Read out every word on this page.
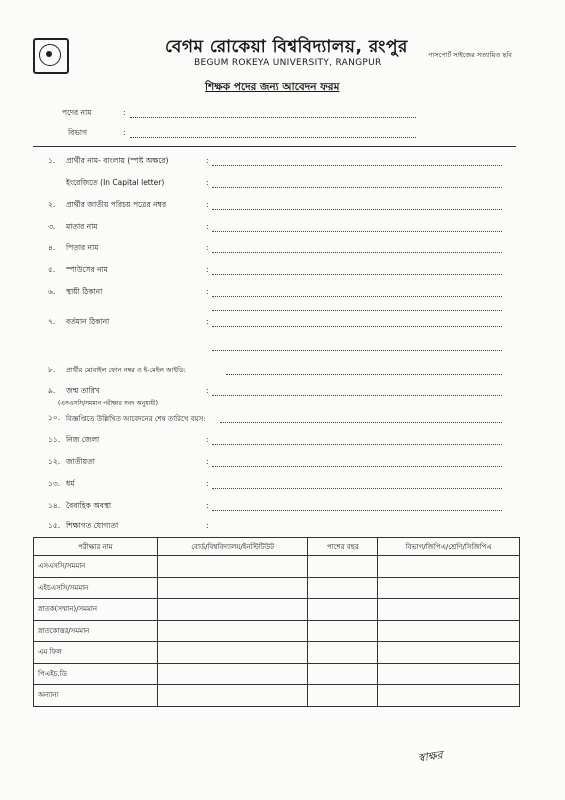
বেগম রোকেয়া বিশ্ববিদ্যালয়, রংপুর
BEGUM ROKEYA UNIVERSITY, RANGPUR
পাসপোর্ট সাইজের সত্যায়িত ছবি
শিক্ষক পদের জন্য আবেদন ফরম
পদের নাম	:
বিভাগ	:
১. প্রার্থীর নাম- বাংলায় (স্পষ্ট অক্ষরে)	:
ইংরেজিতে (In Capital letter)	:
২. প্রার্থীর জাতীয় পরিচয় পত্রের নম্বর	:
৩. মাতার নাম	:
৪. পিতার নাম	:
৫. স্পাউসের নাম	:
৬. স্থায়ী ঠিকানা	:
৭. বর্তমান ঠিকানা	:
৮. প্রার্থীর মোবাইল ফোন নম্বর ও ই-মেইল আইডি:
৯. জন্ম তারিখ	:
(এসএসসি/সমমান পরীক্ষার সনদ অনুযায়ী)
১০. বিজ্ঞপ্তিতে উল্লিখিত আবেদনের শেষ তারিখে বয়স:
১১. নিজ জেলা	:
১২. জাতীয়তা	:
১৩. ধর্ম	:
১৪. বৈবাহিক অবস্থা	:
১৫. শিক্ষাগত যোগ্যতা	:
পরীক্ষার নাম	বোর্ড/বিশ্ববিদ্যালয়/ইনস্টিটিউট	পাশের বছর	বিভাগ/জিপিএ/শ্রেণি/সিজিপিএ
এসএসসি/সমমান			
এইচএসসি/সমমান			
স্নাতক(সম্মান)/সমমান			
স্নাতকোত্তর/সমমান			
এম ফিল			
পিএইচ.ডি			
অন্যান্য			
স্বাক্ষর
